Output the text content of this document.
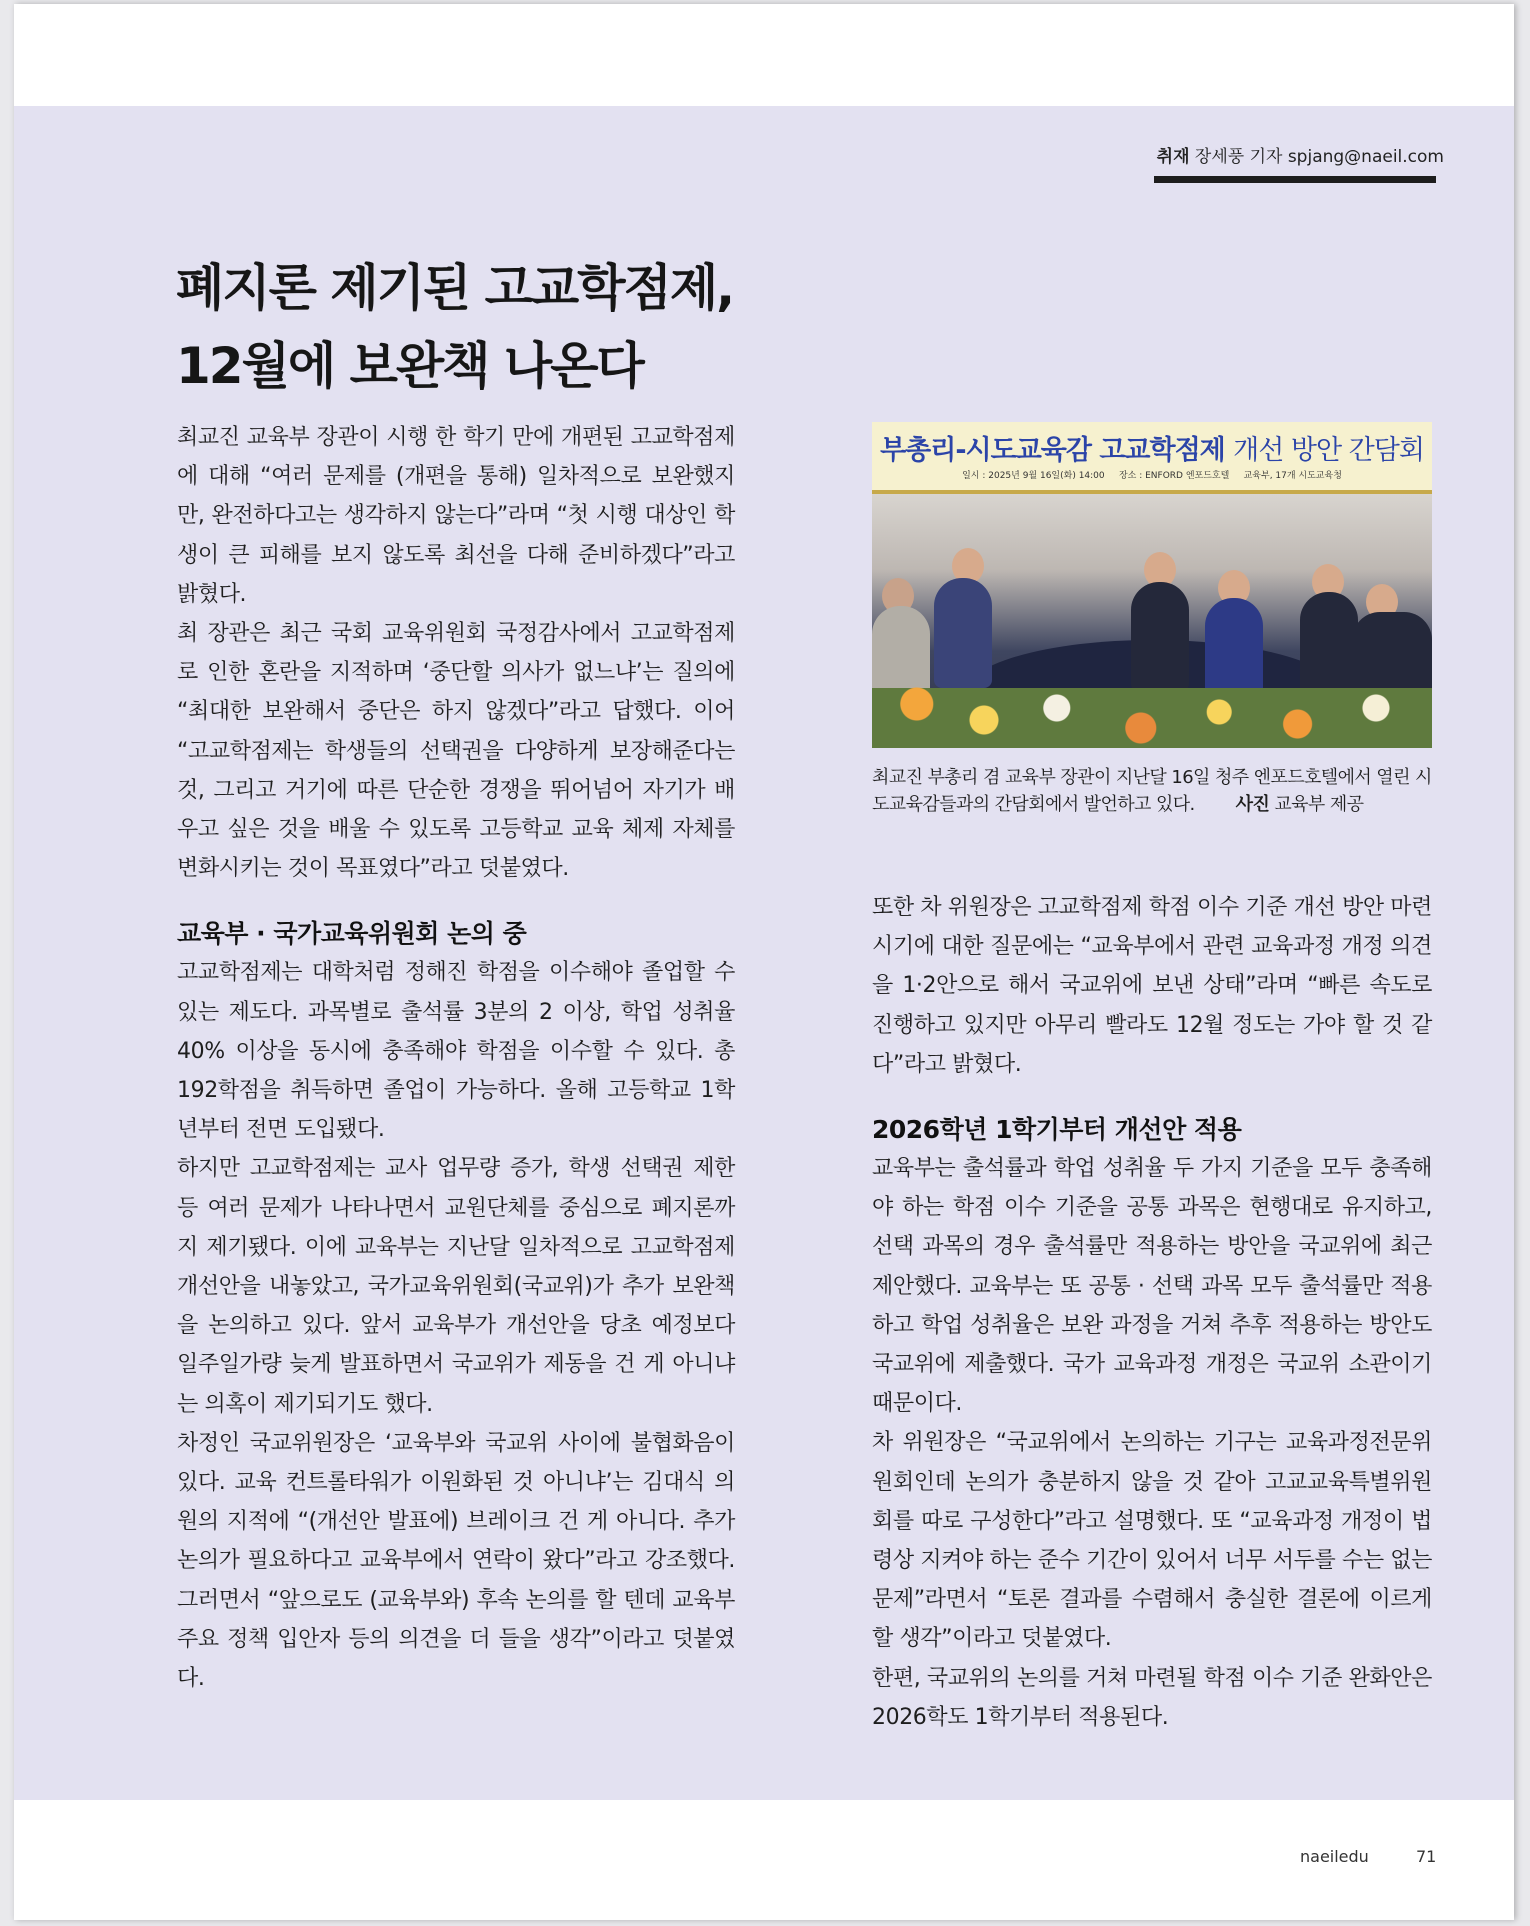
취재 장세풍 기자 spjang@naeil.com
폐지론 제기된 고교학점제,
12월에 보완책 나온다

최교진 교육부 장관이 시행 한 학기 만에 개편된 고교학점제에 대해 “여러 문제를 (개편을 통해) 일차적으로 보완했지만, 완전하다고는 생각하지 않는다”라며 “첫 시행 대상인 학생이 큰 피해를 보지 않도록 최선을 다해 준비하겠다”라고 밝혔다.

최 장관은 최근 국회 교육위원회 국정감사에서 고교학점제로 인한 혼란을 지적하며 ‘중단할 의사가 없느냐’는 질의에 “최대한 보완해서 중단은 하지 않겠다”라고 답했다. 이어 “고교학점제는 학생들의 선택권을 다양하게 보장해준다는 것, 그리고 거기에 따른 단순한 경쟁을 뛰어넘어 자기가 배우고 싶은 것을 배울 수 있도록 고등학교 교육 체제 자체를 변화시키는 것이 목표였다”라고 덧붙였다.

교육부 · 국가교육위원회 논의 중

고교학점제는 대학처럼 정해진 학점을 이수해야 졸업할 수 있는 제도다. 과목별로 출석률 3분의 2 이상, 학업 성취율 40% 이상을 동시에 충족해야 학점을 이수할 수 있다. 총 192학점을 취득하면 졸업이 가능하다. 올해 고등학교 1학년부터 전면 도입됐다.

하지만 고교학점제는 교사 업무량 증가, 학생 선택권 제한 등 여러 문제가 나타나면서 교원단체를 중심으로 폐지론까지 제기됐다. 이에 교육부는 지난달 일차적으로 고교학점제 개선안을 내놓았고, 국가교육위원회(국교위)가 추가 보완책을 논의하고 있다. 앞서 교육부가 개선안을 당초 예정보다 일주일가량 늦게 발표하면서 국교위가 제동을 건 게 아니냐는 의혹이 제기되기도 했다.

차정인 국교위원장은 ‘교육부와 국교위 사이에 불협화음이 있다. 교육 컨트롤타워가 이원화된 것 아니냐’는 김대식 의원의 지적에 “(개선안 발표에) 브레이크 건 게 아니다. 추가 논의가 필요하다고 교육부에서 연락이 왔다”라고 강조했다. 그러면서 “앞으로도 (교육부와) 후속 논의를 할 텐데 교육부 주요 정책 입안자 등의 의견을 더 들을 생각”이라고 덧붙였다.

부총리-시도교육감 고교학점제 개선 방안 간담회
일시 : 2025년 9월 16일(화) 14:00 장소 : ENFORD 엔포드호텔 교육부, 17개 시도교육청
최교진 부총리 겸 교육부 장관이 지난달 16일 청주 엔포드호텔에서 열린 시도교육감들과의 간담회에서 발언하고 있다. 사진 교육부 제공

또한 차 위원장은 고교학점제 학점 이수 기준 개선 방안 마련 시기에 대한 질문에는 “교육부에서 관련 교육과정 개정 의견을 1·2안으로 해서 국교위에 보낸 상태”라며 “빠른 속도로 진행하고 있지만 아무리 빨라도 12월 정도는 가야 할 것 같다”라고 밝혔다.

2026학년 1학기부터 개선안 적용

교육부는 출석률과 학업 성취율 두 가지 기준을 모두 충족해야 하는 학점 이수 기준을 공통 과목은 현행대로 유지하고, 선택 과목의 경우 출석률만 적용하는 방안을 국교위에 최근 제안했다. 교육부는 또 공통 · 선택 과목 모두 출석률만 적용하고 학업 성취율은 보완 과정을 거쳐 추후 적용하는 방안도 국교위에 제출했다. 국가 교육과정 개정은 국교위 소관이기 때문이다.

차 위원장은 “국교위에서 논의하는 기구는 교육과정전문위원회인데 논의가 충분하지 않을 것 같아 고교교육특별위원회를 따로 구성한다”라고 설명했다. 또 “교육과정 개정이 법령상 지켜야 하는 준수 기간이 있어서 너무 서두를 수는 없는 문제”라면서 “토론 결과를 수렴해서 충실한 결론에 이르게 할 생각”이라고 덧붙였다.

한편, 국교위의 논의를 거쳐 마련될 학점 이수 기준 완화안은 2026학도 1학기부터 적용된다.

naeiledu	71
